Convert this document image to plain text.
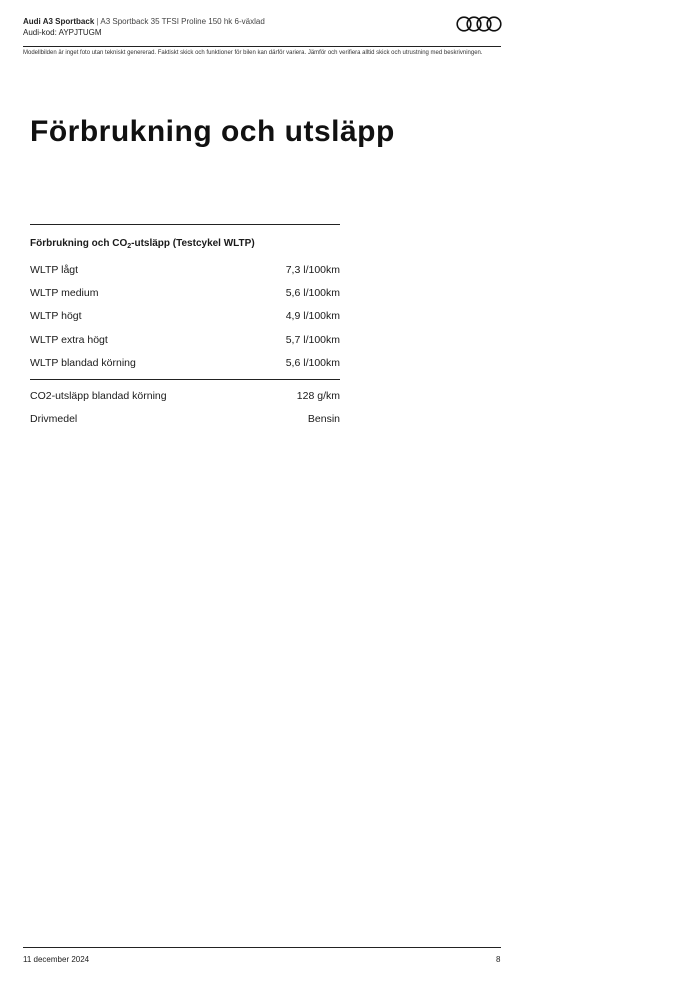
Audi A3 Sportback | A3 Sportback 35 TFSI Proline 150 hk 6-växlad
Audi-kod: AYPJTUGM
Modellbilden är inget foto utan tekniskt genererad. Faktiskt skick och funktioner för bilen kan därför variera. Jämför och verifiera alltid skick och utrustning med beskrivningen.
Förbrukning och utsläpp
Förbrukning och $CO_2$-utsläpp (Testcykel WLTP)
WLTP lågt	7,3 l/100km
WLTP medium	5,6 l/100km
WLTP högt	4,9 l/100km
WLTP extra högt	5,7 l/100km
WLTP blandad körning	5,6 l/100km
CO2-utsläpp blandad körning	128 g/km
Drivmedel	Bensin
11 december 2024	8
